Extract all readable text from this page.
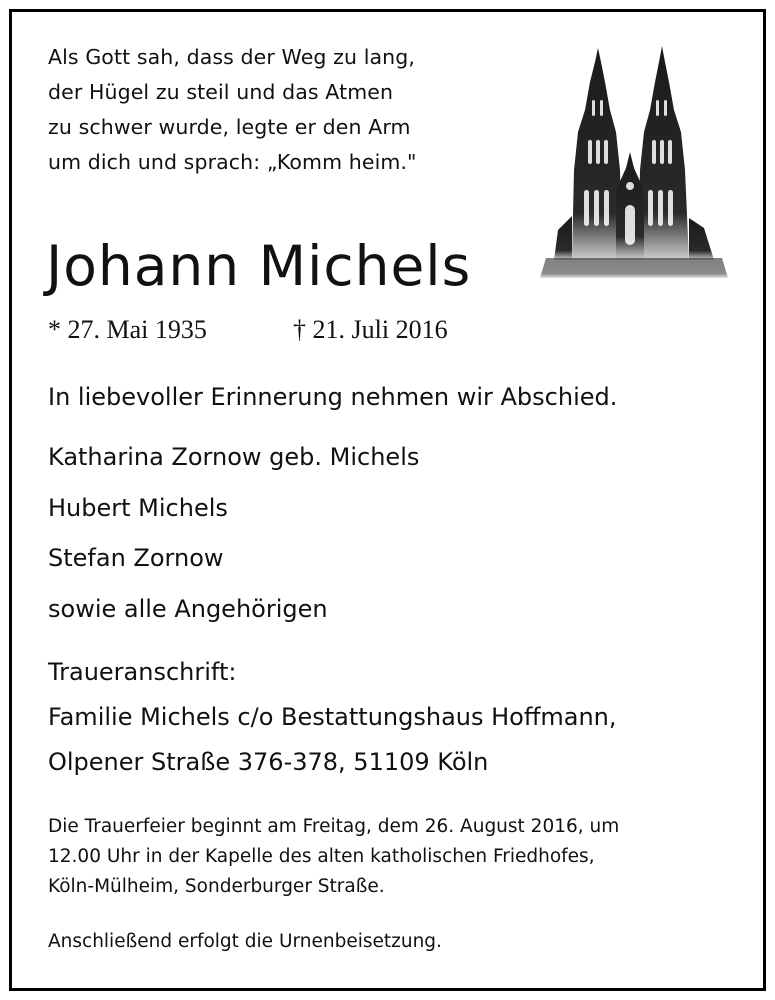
Als Gott sah, dass der Weg zu lang,
der Hügel zu steil und das Atmen
zu schwer wurde, legte er den Arm
um dich und sprach: „Komm heim."
Johann Michels
* 27. Mai 1935	† 21. Juli 2016
In liebevoller Erinnerung nehmen wir Abschied.
Katharina Zornow geb. Michels
Hubert Michels
Stefan Zornow
sowie alle Angehörigen
Traueranschrift:
Familie Michels c/o Bestattungshaus Hoffmann,
Olpener Straße 376-378, 51109 Köln
Die Trauerfeier beginnt am Freitag, dem 26. August 2016, um
12.00 Uhr in der Kapelle des alten katholischen Friedhofes,
Köln-Mülheim, Sonderburger Straße.
Anschließend erfolgt die Urnenbeisetzung.
